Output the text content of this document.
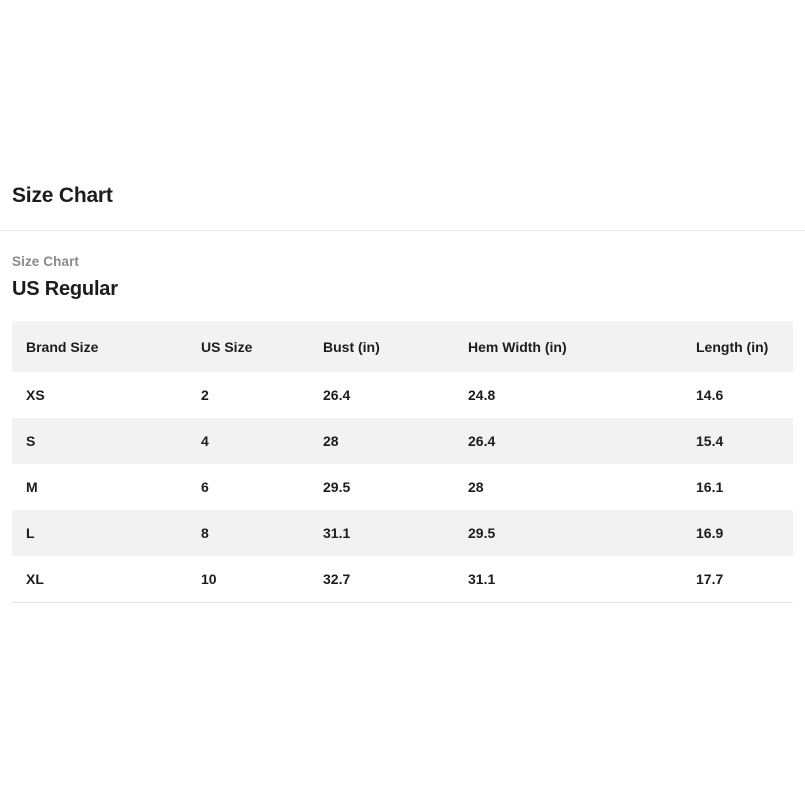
Size Chart
Size Chart
US Regular
Brand Size	US Size	Bust (in)	Hem Width (in)	Length (in)
XS	2	26.4	24.8	14.6
S	4	28	26.4	15.4
M	6	29.5	28	16.1
L	8	31.1	29.5	16.9
XL	10	32.7	31.1	17.7
